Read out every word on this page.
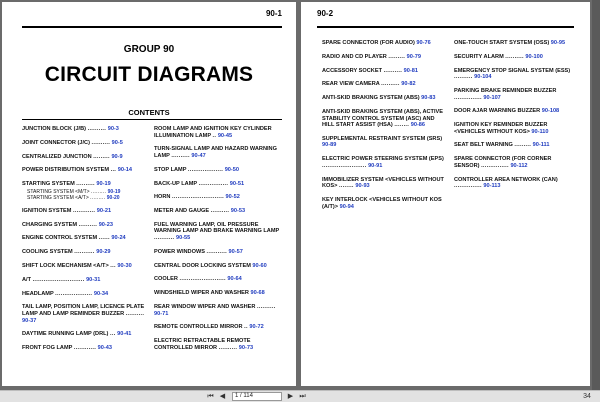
90-1
GROUP 90
CIRCUIT DIAGRAMS
CONTENTS
JUNCTION BLOCK (J/B) .......... 90-3
JOINT CONNECTOR (J/C) .......... 90-5
CENTRALIZED JUNCTION ......... 90-9
POWER DISTRIBUTION SYSTEM ... 90-14
STARTING SYSTEM .......... 90-19
STARTING SYSTEM <M/T> ......... 90-19
STARTING SYSTEM <A/T> ......... 90-20
IGNITION SYSTEM ............ 90-21
CHARGING SYSTEM .......... 90-23
ENGINE CONTROL SYSTEM ...... 90-24
COOLING SYSTEM ........... 90-29
SHIFT LOCK MECHANISM <A/T> ... 90-30
A/T ............................ 90-31
HEADLAMP .................... 90-34
TAIL LAMP, POSITION LAMP, LICENCE PLATE LAMP AND LAMP REMINDER BUZZER .......... 90-37
DAYTIME RUNNING LAMP (DRL) ... 90-41
FRONT FOG LAMP ............ 90-43
ROOM LAMP AND IGNITION KEY CYLINDER ILLUMINATION LAMP .. 90-45
TURN-SIGNAL LAMP AND HAZARD WARNING LAMP .......... 90-47
STOP LAMP ................... 90-50
BACK-UP LAMP ................ 90-51
HORN ............................ 90-52
METER AND GAUGE .......... 90-53
FUEL WARNING LAMP, OIL PRESSURE WARNING LAMP AND BRAKE WARNING LAMP ........... 90-55
POWER WINDOWS ........... 90-57
CENTRAL DOOR LOCKING SYSTEM 90-60
COOLER ......................... 90-64
WINDSHIELD WIPER AND WASHER 90-68
REAR WINDOW WIPER AND WASHER .......... 90-71
REMOTE CONTROLLED MIRROR .. 90-72
ELECTRIC RETRACTABLE REMOTE CONTROLLED MIRROR .......... 90-73
90-2
SPARE CONNECTOR (FOR AUDIO) 90-76
RADIO AND CD PLAYER ......... 90-79
ACCESSORY SOCKET .......... 90-81
REAR VIEW CAMERA .......... 90-82
ANTI-SKID BRAKING SYSTEM (ABS) 90-83
ANTI-SKID BRAKING SYSTEM (ABS), ACTIVE STABILITY CONTROL SYSTEM (ASC) AND HILL START ASSIST (HSA) ........ 90-86
SUPPLEMENTAL RESTRAINT SYSTEM (SRS) 90-89
ELECTRIC POWER STEERING SYSTEM (EPS) ........................ 90-91
IMMOBILIZER SYSTEM <VEHICLES WITHOUT KOS> ........ 90-93
KEY INTERLOCK <VEHICLES WITHOUT KOS (A/T)> 90-94
ONE-TOUCH START SYSTEM (OSS) 90-95
SECURITY ALARM .......... 90-100
EMERGENCY STOP SIGNAL SYSTEM (ESS) .......... 90-104
PARKING BRAKE REMINDER BUZZER ............... 90-107
DOOR AJAR WARNING BUZZER 90-108
IGNITION KEY REMINDER BUZZER <VEHICLES WITHOUT KOS> 90-110
SEAT BELT WARNING ......... 90-111
SPARE CONNECTOR (FOR CORNER SENSOR) ............... 90-112
CONTROLLER AREA NETWORK (CAN) ............... 90-113
⏮ ◀	1 / 114	▶ ⏭	34
